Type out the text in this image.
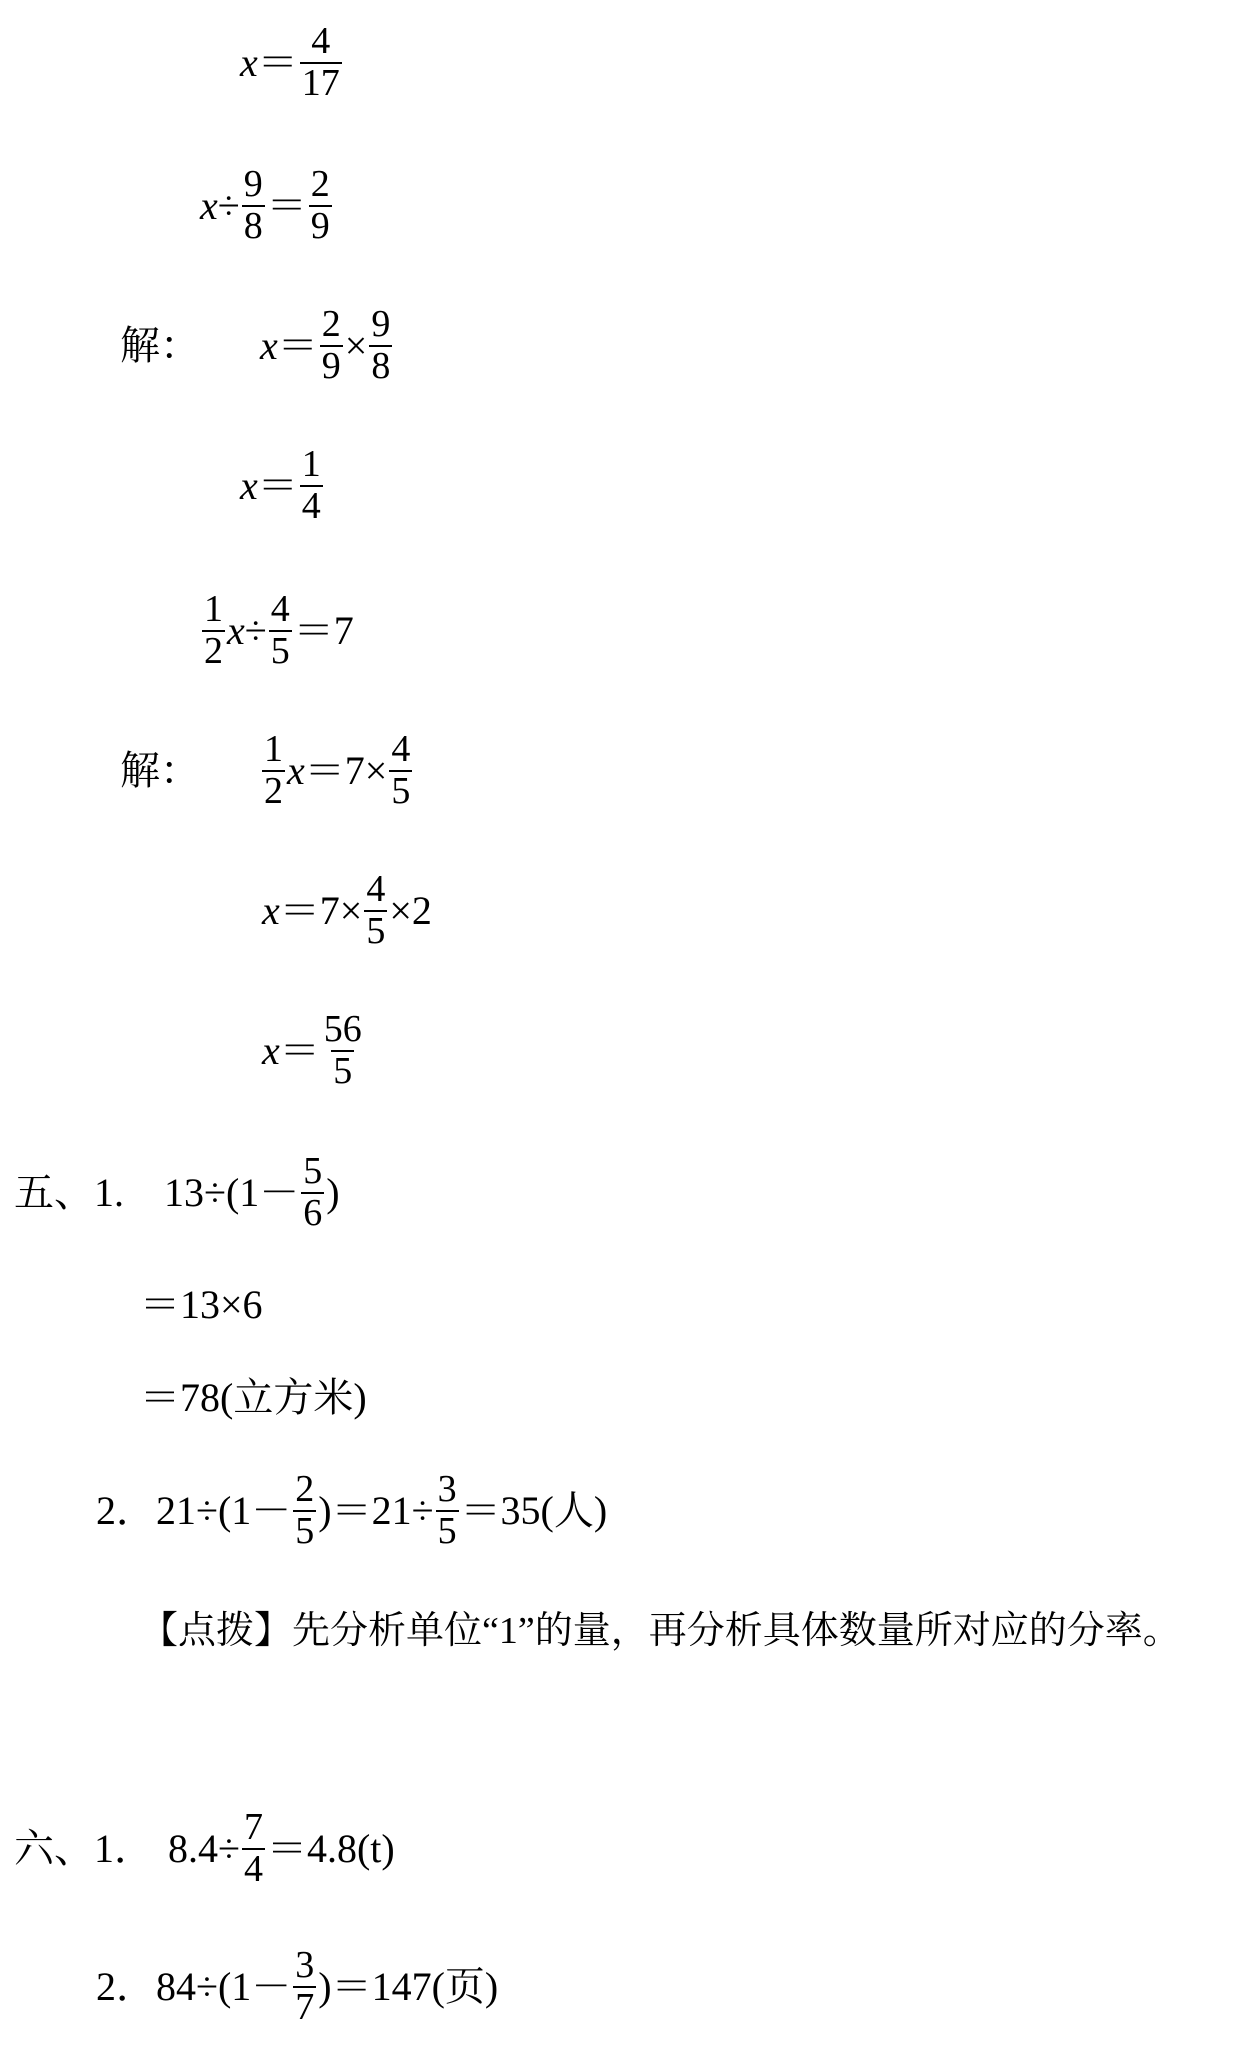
$x = \frac{4}{17}$
$x \div \frac{9}{8} = \frac{2}{9}$
解： $x = \frac{2}{9} \times \frac{9}{8}$
$x = \frac{1}{4}$
$\frac{1}{2}$ $x \div \frac{4}{5} = 7$
解： $\frac{1}{2}$ $x = 7 \times \frac{4}{5}$
$x = 7 \times \frac{4}{5} \times 2$
$x = \frac{56}{5}$
五、1. $13\div(1- \frac{5}{6}$ )
＝13×6
＝78(立方米)
2． $21\div(1- \frac{2}{5} )=21\div \frac{3}{5} =35$(人)
【点拨】先分析单位“1”的量，再分析具体数量所对应的分率。
六、1． $8.4\div \frac{7}{4} =4.8(t)$
2． $84\div(1- \frac{3}{7} )=147$(页)
